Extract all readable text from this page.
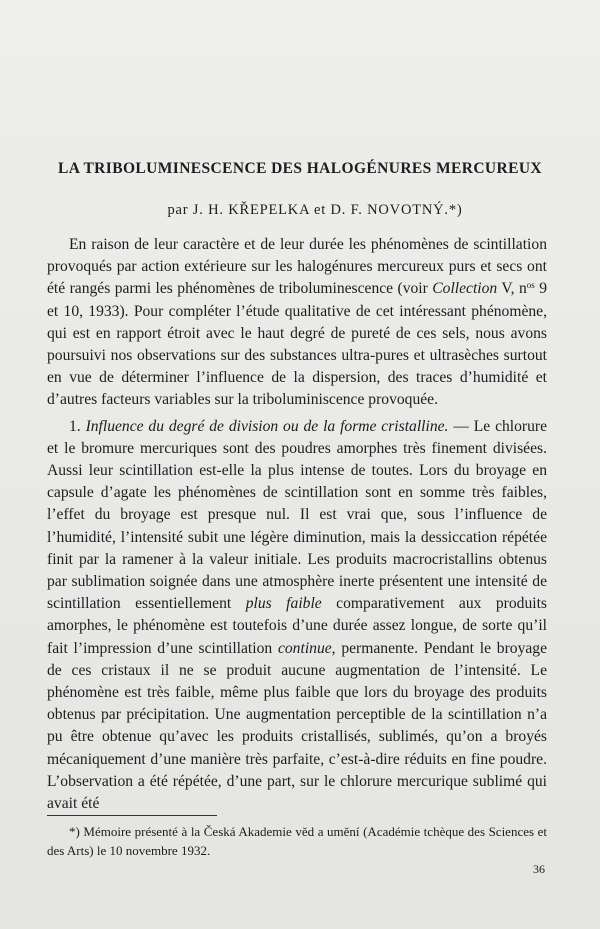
LA TRIBOLUMINESCENCE DES HALOGÉNURES MERCUREUX

par J. H. KŘEPELKA et D. F. NOVOTNÝ.*)

En raison de leur caractère et de leur durée les phénomènes de scintillation provoqués par action extérieure sur les halogénures mercureux purs et secs ont été rangés parmi les phénomènes de triboluminescence (voir Collection V, $n^{os}$ 9 et 10, 1933). Pour compléter l’étude qualitative de cet intéressant phénomène, qui est en rapport étroit avec le haut degré de pureté de ces sels, nous avons poursuivi nos observations sur des substances ultra-pures et ultrasèches surtout en vue de déterminer l’influence de la dispersion, des traces d’humidité et d’autres facteurs variables sur la triboluminiscence provoquée.

1. Influence du degré de division ou de la forme cristalline. — Le chlorure et le bromure mercuriques sont des poudres amorphes très finement divisées. Aussi leur scintillation est-elle la plus intense de toutes. Lors du broyage en capsule d’agate les phénomènes de scintillation sont en somme très faibles, l’effet du broyage est presque nul. Il est vrai que, sous l’influence de l’humidité, l’intensité subit une légère diminution, mais la dessiccation répétée finit par la ramener à la valeur initiale. Les produits macrocristallins obtenus par sublimation soignée dans une atmosphère inerte présentent une intensité de scintillation essentiellement plus faible comparativement aux produits amorphes, le phénomène est toutefois d’une durée assez longue, de sorte qu’il fait l’impression d’une scintillation continue, permanente. Pendant le broyage de ces cristaux il ne se produit aucune augmentation de l’intensité. Le phénomène est très faible, même plus faible que lors du broyage des produits obtenus par précipitation. Une augmentation perceptible de la scintillation n’a pu être obtenue qu’avec les produits cristallisés, sublimés, qu’on a broyés mécaniquement d’une manière très parfaite, c’est-à-dire réduits en fine poudre. L’observation a été répétée, d’une part, sur le chlorure mercurique sublimé qui avait été

*) Mémoire présenté à la Česká Akademie věd a umění (Académie tchèque des Sciences et des Arts) le 10 novembre 1932.

36
